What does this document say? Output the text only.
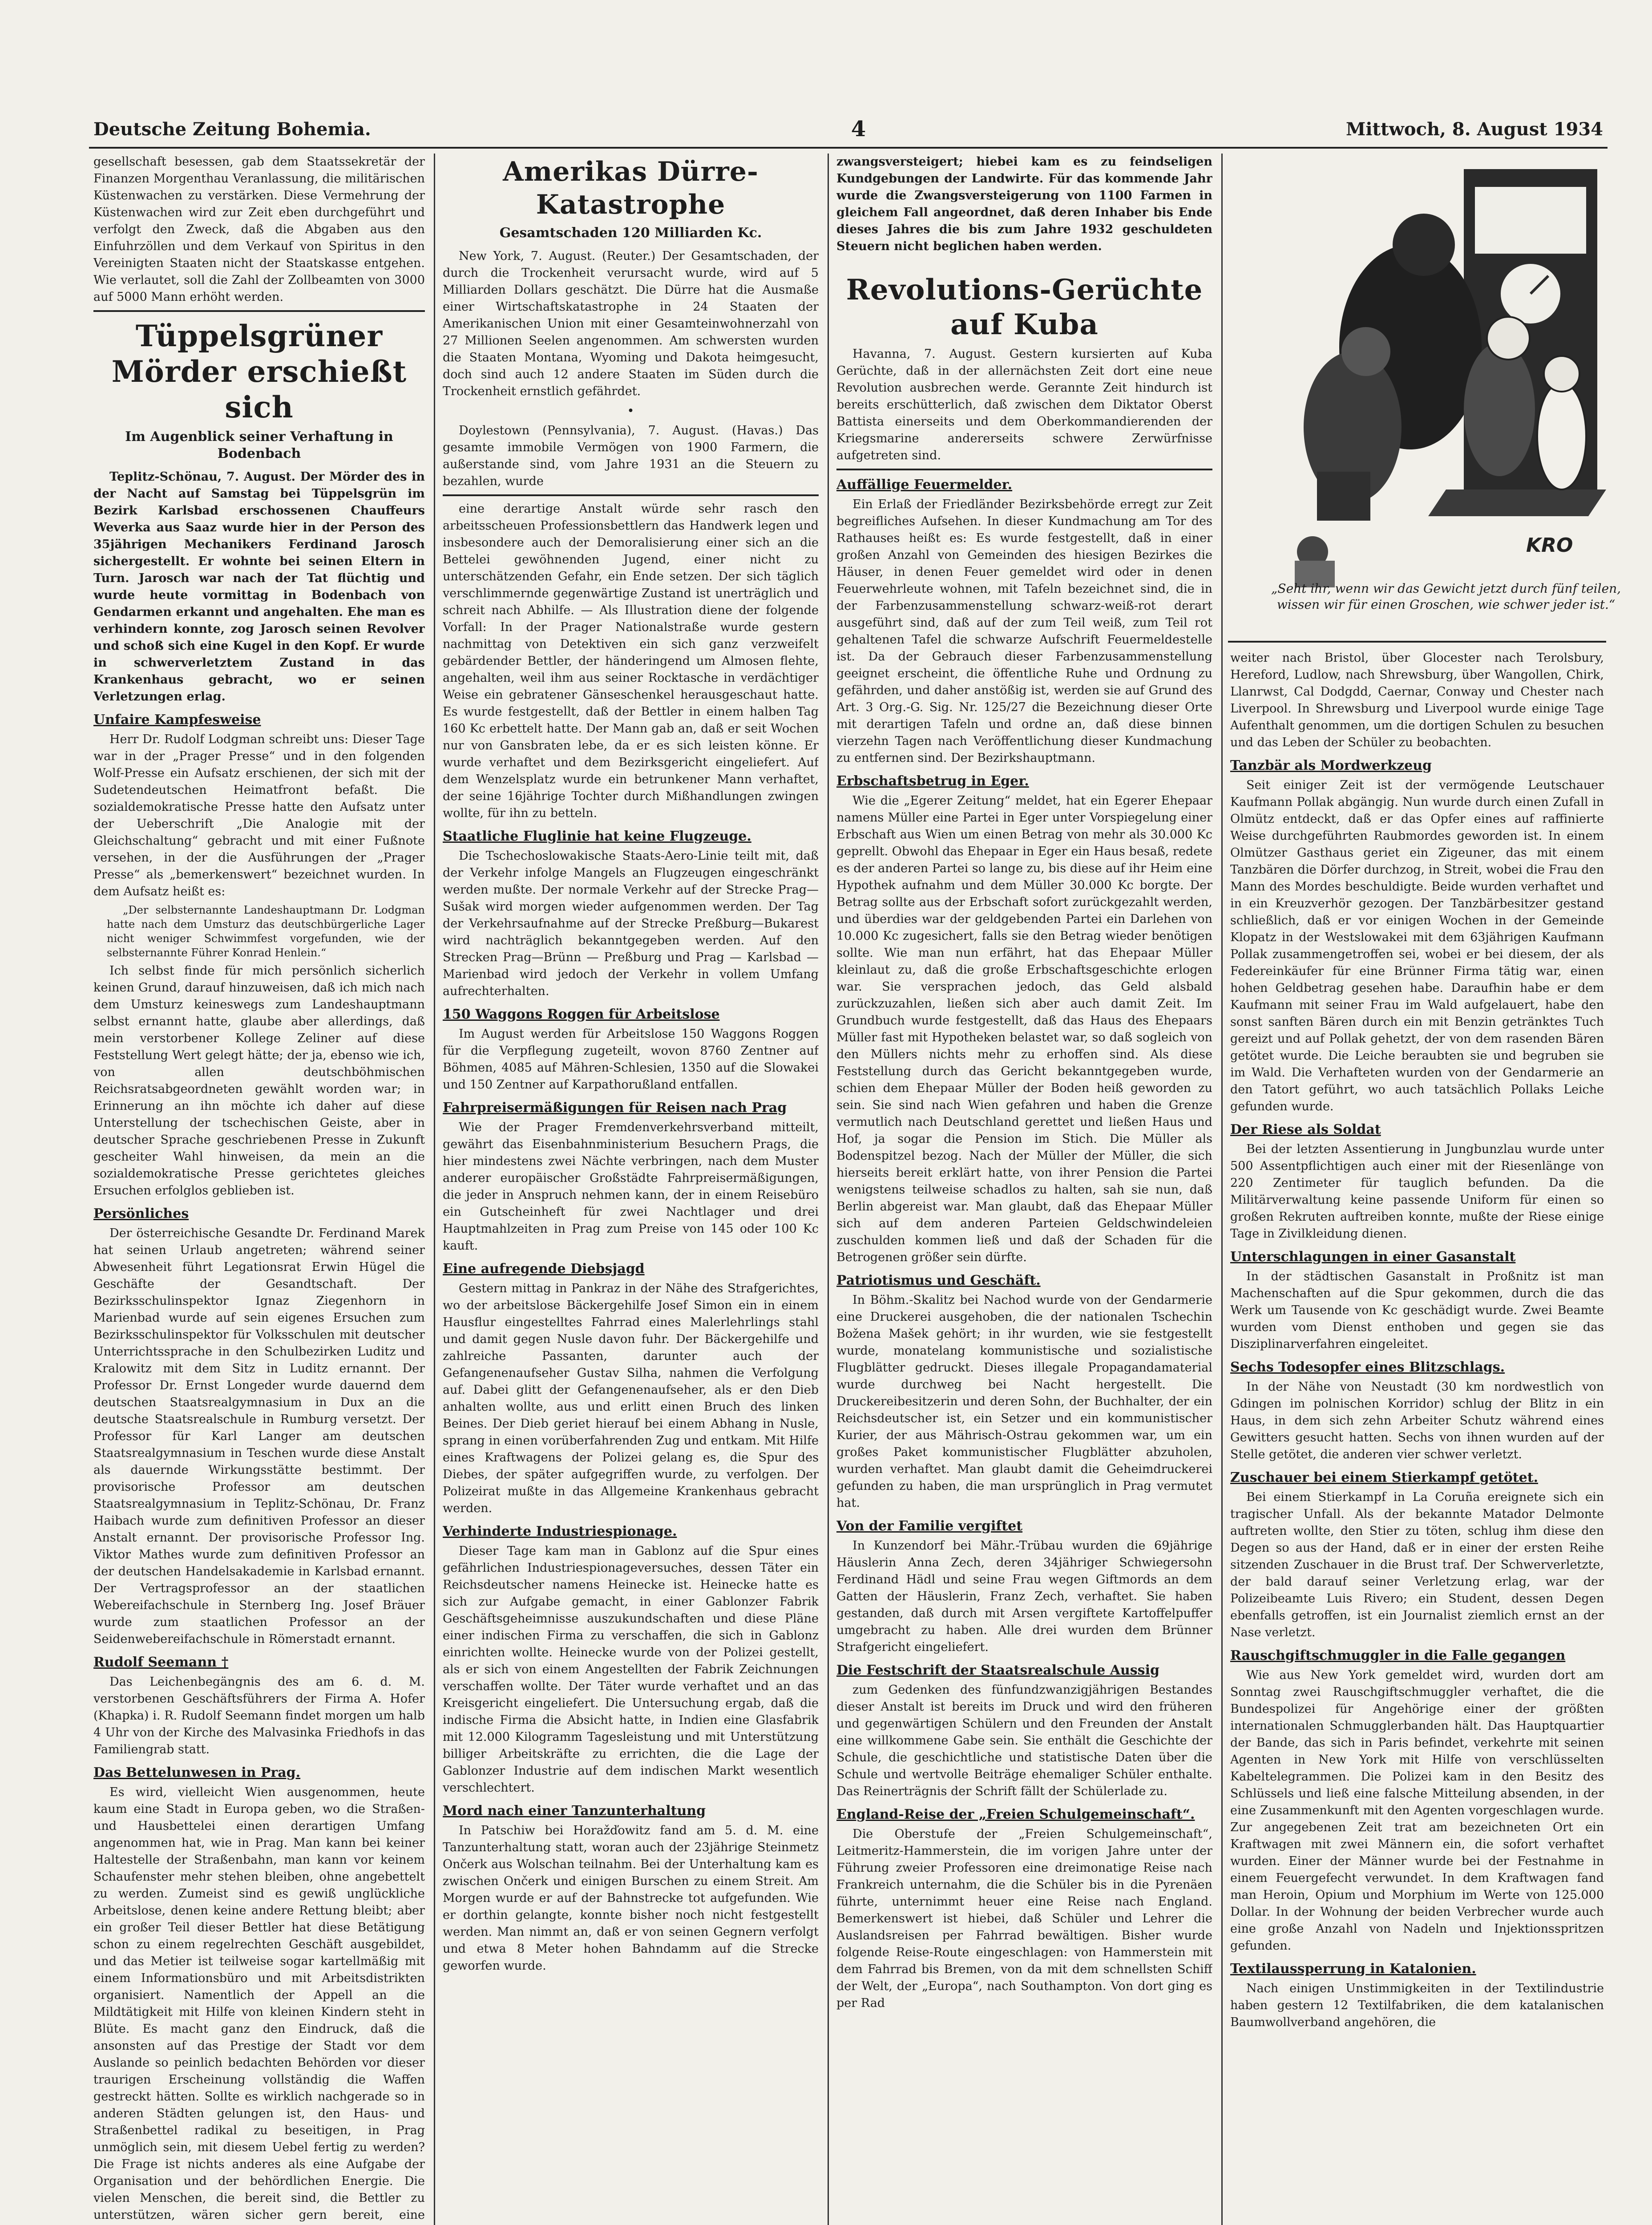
Deutsche Zeitung Bohemia.	4	Mittwoch, 8. August 1934

gesellschaft besessen, gab dem Staatssekretär der Finanzen Morgenthau Veranlassung, die militärischen Küstenwachen zu verstärken. Diese Vermehrung der Küstenwachen wird zur Zeit eben durchgeführt und verfolgt den Zweck, daß die Abgaben aus den Einfuhrzöllen und dem Verkauf von Spiritus in den Vereinigten Staaten nicht der Staatskasse entgehen. Wie verlautet, soll die Zahl der Zollbeamten von 3000 auf 5000 Mann erhöht werden.

Tüppelsgrüner Mörder erschießt sich
Im Augenblick seiner Verhaftung in Bodenbach

Teplitz-Schönau, 7. August. Der Mörder des in der Nacht auf Samstag bei Tüppelsgrün im Bezirk Karlsbad erschossenen Chauffeurs Weverka aus Saaz wurde hier in der Person des 35jährigen Mechanikers Ferdinand Jarosch sichergestellt. Er wohnte bei seinen Eltern in Turn. Jarosch war nach der Tat flüchtig und wurde heute vormittag in Bodenbach von Gendarmen erkannt und angehalten. Ehe man es verhindern konnte, zog Jarosch seinen Revolver und schoß sich eine Kugel in den Kopf. Er wurde in schwerverletztem Zustand in das Krankenhaus gebracht, wo er seinen Verletzungen erlag.

Unfaire Kampfesweise

Herr Dr. Rudolf Lodgman schreibt uns: Dieser Tage war in der „Prager Presse“ und in den folgenden Wolf-Presse ein Aufsatz erschienen, der sich mit der Sudetendeutschen Heimatfront befaßt. Die sozialdemokratische Presse hatte den Aufsatz unter der Ueberschrift „Die Analogie mit der Gleichschaltung“ gebracht und mit einer Fußnote versehen, in der die Ausführungen der „Prager Presse“ als „bemerkenswert“ bezeichnet wurden. In dem Aufsatz heißt es:

„Der selbsternannte Landeshauptmann Dr. Lodgman hatte nach dem Umsturz das deutschbürgerliche Lager nicht weniger Schwimmfest vorgefunden, wie der selbsternannte Führer Konrad Henlein.“

Ich selbst finde für mich persönlich sicherlich keinen Grund, darauf hinzuweisen, daß ich mich nach dem Umsturz keineswegs zum Landeshauptmann selbst ernannt hatte, glaube aber allerdings, daß mein verstorbener Kollege Zeliner auf diese Feststellung Wert gelegt hätte; der ja, ebenso wie ich, von allen deutschböhmischen Reichsratsabgeordneten gewählt worden war; in Erinnerung an ihn möchte ich daher auf diese Unterstellung der tschechischen Geiste, aber in deutscher Sprache geschriebenen Presse in Zukunft gescheiter Wahl hinweisen, da mein an die sozialdemokratische Presse gerichtetes gleiches Ersuchen erfolglos geblieben ist.

Persönliches

Der österreichische Gesandte Dr. Ferdinand Marek hat seinen Urlaub angetreten; während seiner Abwesenheit führt Legationsrat Erwin Hügel die Geschäfte der Gesandtschaft. Der Bezirksschulinspektor Ignaz Ziegenhorn in Marienbad wurde auf sein eigenes Ersuchen zum Bezirksschulinspektor für Volksschulen mit deutscher Unterrichtssprache in den Schulbezirken Luditz und Kralowitz mit dem Sitz in Luditz ernannt. Der Professor Dr. Ernst Longeder wurde dauernd dem deutschen Staatsrealgymnasium in Dux an die deutsche Staatsrealschule in Rumburg versetzt. Der Professor für Karl Langer am deutschen Staatsrealgymnasium in Teschen wurde diese Anstalt als dauernde Wirkungsstätte bestimmt. Der provisorische Professor am deutschen Staatsrealgymnasium in Teplitz-Schönau, Dr. Franz Haibach wurde zum definitiven Professor an dieser Anstalt ernannt. Der provisorische Professor Ing. Viktor Mathes wurde zum definitiven Professor an der deutschen Handelsakademie in Karlsbad ernannt. Der Vertragsprofessor an der staatlichen Webereifachschule in Sternberg Ing. Josef Bräuer wurde zum staatlichen Professor an der Seidenwebereifachschule in Römerstadt ernannt.

Rudolf Seemann †

Das Leichenbegängnis des am 6. d. M. verstorbenen Geschäftsführers der Firma A. Hofer (Khapka) i. R. Rudolf Seemann findet morgen um halb 4 Uhr von der Kirche des Malvasinka Friedhofs in das Familiengrab statt.

Das Bettelunwesen in Prag.

Es wird, vielleicht Wien ausgenommen, heute kaum eine Stadt in Europa geben, wo die Straßen- und Hausbettelei einen derartigen Umfang angenommen hat, wie in Prag. Man kann bei keiner Haltestelle der Straßenbahn, man kann vor keinem Schaufenster mehr stehen bleiben, ohne angebettelt zu werden. Zumeist sind es gewiß unglückliche Arbeitslose, denen keine andere Rettung bleibt; aber ein großer Teil dieser Bettler hat diese Betätigung schon zu einem regelrechten Geschäft ausgebildet, und das Metier ist teilweise sogar kartellmäßig mit einem Informationsbüro und mit Arbeitsdistrikten organisiert. Namentlich der Appell an die Mildtätigkeit mit Hilfe von kleinen Kindern steht in Blüte. Es macht ganz den Eindruck, daß die ansonsten auf das Prestige der Stadt vor dem Auslande so peinlich bedachten Behörden vor dieser traurigen Erscheinung vollständig die Waffen gestreckt hätten. Sollte es wirklich nachgerade so in anderen Städten gelungen ist, den Haus- und Straßenbettel radikal zu beseitigen, in Prag unmöglich sein, mit diesem Uebel fertig zu werden? Die Frage ist nichts anderes als eine Aufgabe der Organisation und der behördlichen Energie. Die vielen Menschen, die bereit sind, die Bettler zu unterstützen, wären sicher gern bereit, eine

Amerikas Dürre-Katastrophe
Gesamtschaden 120 Milliarden Kc.

New York, 7. August. (Reuter.) Der Gesamtschaden, der durch die Trockenheit verursacht wurde, wird auf 5 Milliarden Dollars geschätzt. Die Dürre hat die Ausmaße einer Wirtschaftskatastrophe in 24 Staaten der Amerikanischen Union mit einer Gesamteinwohnerzahl von 27 Millionen Seelen angenommen. Am schwersten wurden die Staaten Montana, Wyoming und Dakota heimgesucht, doch sind auch 12 andere Staaten im Süden durch die Trockenheit ernstlich gefährdet.

•

Doylestown (Pennsylvania), 7. August. (Havas.) Das gesamte immobile Vermögen von 1900 Farmern, die außerstande sind, vom Jahre 1931 an die Steuern zu bezahlen, wurde

eine derartige Anstalt würde sehr rasch den arbeitsscheuen Professionsbettlern das Handwerk legen und insbesondere auch der Demoralisierung einer sich an die Bettelei gewöhnenden Jugend, einer nicht zu unterschätzenden Gefahr, ein Ende setzen. Der sich täglich verschlimmernde gegenwärtige Zustand ist unerträglich und schreit nach Abhilfe. — Als Illustration diene der folgende Vorfall: In der Prager Nationalstraße wurde gestern nachmittag von Detektiven ein sich ganz verzweifelt gebärdender Bettler, der händeringend um Almosen flehte, angehalten, weil ihm aus seiner Rocktasche in verdächtiger Weise ein gebratener Gänseschenkel herausgeschaut hatte. Es wurde festgestellt, daß der Bettler in einem halben Tag 160 Kc erbettelt hatte. Der Mann gab an, daß er seit Wochen nur von Gansbraten lebe, da er es sich leisten könne. Er wurde verhaftet und dem Bezirksgericht eingeliefert. Auf dem Wenzelsplatz wurde ein betrunkener Mann verhaftet, der seine 16jährige Tochter durch Mißhandlungen zwingen wollte, für ihn zu betteln.

Staatliche Fluglinie hat keine Flugzeuge.

Die Tschechoslowakische Staats-Aero-Linie teilt mit, daß der Verkehr infolge Mangels an Flugzeugen eingeschränkt werden mußte. Der normale Verkehr auf der Strecke Prag—Sušak wird morgen wieder aufgenommen werden. Der Tag der Verkehrsaufnahme auf der Strecke Preßburg—Bukarest wird nachträglich bekanntgegeben werden. Auf den Strecken Prag—Brünn — Preßburg und Prag — Karlsbad — Marienbad wird jedoch der Verkehr in vollem Umfang aufrechterhalten.

150 Waggons Roggen für Arbeitslose

Im August werden für Arbeitslose 150 Waggons Roggen für die Verpflegung zugeteilt, wovon 8760 Zentner auf Böhmen, 4085 auf Mähren-Schlesien, 1350 auf die Slowakei und 150 Zentner auf Karpathorußland entfallen.

Fahrpreisermäßigungen für Reisen nach Prag

Wie der Prager Fremdenverkehrsverband mitteilt, gewährt das Eisenbahnministerium Besuchern Prags, die hier mindestens zwei Nächte verbringen, nach dem Muster anderer europäischer Großstädte Fahrpreisermäßigungen, die jeder in Anspruch nehmen kann, der in einem Reisebüro ein Gutscheinheft für zwei Nachtlager und drei Hauptmahlzeiten in Prag zum Preise von 145 oder 100 Kc kauft.

Eine aufregende Diebsjagd

Gestern mittag in Pankraz in der Nähe des Strafgerichtes, wo der arbeitslose Bäckergehilfe Josef Simon ein in einem Hausflur eingestelltes Fahrrad eines Malerlehrlings stahl und damit gegen Nusle davon fuhr. Der Bäckergehilfe und zahlreiche Passanten, darunter auch der Gefangenenaufseher Gustav Silha, nahmen die Verfolgung auf. Dabei glitt der Gefangenenaufseher, als er den Dieb anhalten wollte, aus und erlitt einen Bruch des linken Beines. Der Dieb geriet hierauf bei einem Abhang in Nusle, sprang in einen vorüberfahrenden Zug und entkam. Mit Hilfe eines Kraftwagens der Polizei gelang es, die Spur des Diebes, der später aufgegriffen wurde, zu verfolgen. Der Polizeirat mußte in das Allgemeine Krankenhaus gebracht werden.

Verhinderte Industriespionage.

Dieser Tage kam man in Gablonz auf die Spur eines gefährlichen Industriespionageversuches, dessen Täter ein Reichsdeutscher namens Heinecke ist. Heinecke hatte es sich zur Aufgabe gemacht, in einer Gablonzer Fabrik Geschäftsgeheimnisse auszukundschaften und diese Pläne einer indischen Firma zu verschaffen, die sich in Gablonz einrichten wollte. Heinecke wurde von der Polizei gestellt, als er sich von einem Angestellten der Fabrik Zeichnungen verschaffen wollte. Der Täter wurde verhaftet und an das Kreisgericht eingeliefert. Die Untersuchung ergab, daß die indische Firma die Absicht hatte, in Indien eine Glasfabrik mit 12.000 Kilogramm Tagesleistung und mit Unterstützung billiger Arbeitskräfte zu errichten, die die Lage der Gablonzer Industrie auf dem indischen Markt wesentlich verschlechtert.

Mord nach einer Tanzunterhaltung

In Patschiw bei Horažďowitz fand am 5. d. M. eine Tanzunterhaltung statt, woran auch der 23jährige Steinmetz Ončerk aus Wolschan teilnahm. Bei der Unterhaltung kam es zwischen Ončerk und einigen Burschen zu einem Streit. Am Morgen wurde er auf der Bahnstrecke tot aufgefunden. Wie er dorthin gelangte, konnte bisher noch nicht festgestellt werden. Man nimmt an, daß er von seinen Gegnern verfolgt und etwa 8 Meter hohen Bahndamm auf die Strecke geworfen wurde.

zwangsversteigert; hiebei kam es zu feindseligen Kundgebungen der Landwirte. Für das kommende Jahr wurde die Zwangsversteigerung von 1100 Farmen in gleichem Fall angeordnet, daß deren Inhaber bis Ende dieses Jahres die bis zum Jahre 1932 geschuldeten Steuern nicht beglichen haben werden.

Revolutions-Gerüchte auf Kuba

Havanna, 7. August. Gestern kursierten auf Kuba Gerüchte, daß in der allernächsten Zeit dort eine neue Revolution ausbrechen werde. Gerannte Zeit hindurch ist bereits erschütterlich, daß zwischen dem Diktator Oberst Battista einerseits und dem Oberkommandierenden der Kriegsmarine andererseits schwere Zerwürfnisse aufgetreten sind.

Auffällige Feuermelder.

Ein Erlaß der Friedländer Bezirksbehörde erregt zur Zeit begreifliches Aufsehen. In dieser Kundmachung am Tor des Rathauses heißt es: Es wurde festgestellt, daß in einer großen Anzahl von Gemeinden des hiesigen Bezirkes die Häuser, in denen Feuer gemeldet wird oder in denen Feuerwehrleute wohnen, mit Tafeln bezeichnet sind, die in der Farbenzusammenstellung schwarz-weiß-rot derart ausgeführt sind, daß auf der zum Teil weiß, zum Teil rot gehaltenen Tafel die schwarze Aufschrift Feuermeldestelle ist. Da der Gebrauch dieser Farbenzusammenstellung geeignet erscheint, die öffentliche Ruhe und Ordnung zu gefährden, und daher anstößig ist, werden sie auf Grund des Art. 3 Org.-G. Sig. Nr. 125/27 die Bezeichnung dieser Orte mit derartigen Tafeln und ordne an, daß diese binnen vierzehn Tagen nach Veröffentlichung dieser Kundmachung zu entfernen sind. Der Bezirkshauptmann.

Erbschaftsbetrug in Eger.

Wie die „Egerer Zeitung“ meldet, hat ein Egerer Ehepaar namens Müller eine Partei in Eger unter Vorspiegelung einer Erbschaft aus Wien um einen Betrag von mehr als 30.000 Kc geprellt. Obwohl das Ehepaar in Eger ein Haus besaß, redete es der anderen Partei so lange zu, bis diese auf ihr Heim eine Hypothek aufnahm und dem Müller 30.000 Kc borgte. Der Betrag sollte aus der Erbschaft sofort zurückgezahlt werden, und überdies war der geldgebenden Partei ein Darlehen von 10.000 Kc zugesichert, falls sie den Betrag wieder benötigen sollte. Wie man nun erfährt, hat das Ehepaar Müller kleinlaut zu, daß die große Erbschaftsgeschichte erlogen war. Sie versprachen jedoch, das Geld alsbald zurückzuzahlen, ließen sich aber auch damit Zeit. Im Grundbuch wurde festgestellt, daß das Haus des Ehepaars Müller fast mit Hypotheken belastet war, so daß sogleich von den Müllers nichts mehr zu erhoffen sind. Als diese Feststellung durch das Gericht bekanntgegeben wurde, schien dem Ehepaar Müller der Boden heiß geworden zu sein. Sie sind nach Wien gefahren und haben die Grenze vermutlich nach Deutschland gerettet und ließen Haus und Hof, ja sogar die Pension im Stich. Die Müller als Bodenspitzel bezog. Nach der Müller der Müller, die sich hierseits bereit erklärt hatte, von ihrer Pension die Partei wenigstens teilweise schadlos zu halten, sah sie nun, daß Berlin abgereist war. Man glaubt, daß das Ehepaar Müller sich auf dem anderen Parteien Geldschwindeleien zuschulden kommen ließ und daß der Schaden für die Betrogenen größer sein dürfte.

Patriotismus und Geschäft.

In Böhm.-Skalitz bei Nachod wurde von der Gendarmerie eine Druckerei ausgehoben, die der nationalen Tschechin Božena Mašek gehört; in ihr wurden, wie sie festgestellt wurde, monatelang kommunistische und sozialistische Flugblätter gedruckt. Dieses illegale Propagandamaterial wurde durchweg bei Nacht hergestellt. Die Druckereibesitzerin und deren Sohn, der Buchhalter, der ein Reichsdeutscher ist, ein Setzer und ein kommunistischer Kurier, der aus Mährisch-Ostrau gekommen war, um ein großes Paket kommunistischer Flugblätter abzuholen, wurden verhaftet. Man glaubt damit die Geheimdruckerei gefunden zu haben, die man ursprünglich in Prag vermutet hat.

Von der Familie vergiftet

In Kunzendorf bei Mähr.-Trübau wurden die 69jährige Häuslerin Anna Zech, deren 34jähriger Schwiegersohn Ferdinand Hädl und seine Frau wegen Giftmords an dem Gatten der Häuslerin, Franz Zech, verhaftet. Sie haben gestanden, daß durch mit Arsen vergiftete Kartoffelpuffer umgebracht zu haben. Alle drei wurden dem Brünner Strafgericht eingeliefert.

Die Festschrift der Staatsrealschule Aussig

zum Gedenken des fünfundzwanzigjährigen Bestandes dieser Anstalt ist bereits im Druck und wird den früheren und gegenwärtigen Schülern und den Freunden der Anstalt eine willkommene Gabe sein. Sie enthält die Geschichte der Schule, die geschichtliche und statistische Daten über die Schule und wertvolle Beiträge ehemaliger Schüler enthalte. Das Reinerträgnis der Schrift fällt der Schülerlade zu.

England-Reise der „Freien Schulgemeinschaft“.

Die Oberstufe der „Freien Schulgemeinschaft“, Leitmeritz-Hammerstein, die im vorigen Jahre unter der Führung zweier Professoren eine dreimonatige Reise nach Frankreich unternahm, die die Schüler bis in die Pyrenäen führte, unternimmt heuer eine Reise nach England. Bemerkenswert ist hiebei, daß Schüler und Lehrer die Auslandsreisen per Fahrrad bewältigen. Bisher wurde folgende Reise-Route eingeschlagen: von Hammerstein mit dem Fahrrad bis Bremen, von da mit dem schnellsten Schiff der Welt, der „Europa“, nach Southampton. Von dort ging es per Rad

KRO
„Seht ihr, wenn wir das Gewicht jetzt durch fünf teilen, wissen wir für einen Groschen, wie schwer jeder ist.“

weiter nach Bristol, über Glocester nach Terolsbury, Hereford, Ludlow, nach Shrewsburg, über Wangollen, Chirk, Llanrwst, Cal Dodgdd, Caernar, Conway und Chester nach Liverpool. In Shrewsburg und Liverpool wurde einige Tage Aufenthalt genommen, um die dortigen Schulen zu besuchen und das Leben der Schüler zu beobachten.

Tanzbär als Mordwerkzeug

Seit einiger Zeit ist der vermögende Leutschauer Kaufmann Pollak abgängig. Nun wurde durch einen Zufall in Olmütz entdeckt, daß er das Opfer eines auf raffinierte Weise durchgeführten Raubmordes geworden ist. In einem Olmützer Gasthaus geriet ein Zigeuner, das mit einem Tanzbären die Dörfer durchzog, in Streit, wobei die Frau den Mann des Mordes beschuldigte. Beide wurden verhaftet und in ein Kreuzverhör gezogen. Der Tanzbärbesitzer gestand schließlich, daß er vor einigen Wochen in der Gemeinde Klopatz in der Westslowakei mit dem 63jährigen Kaufmann Pollak zusammengetroffen sei, wobei er bei diesem, der als Federeinkäufer für eine Brünner Firma tätig war, einen hohen Geldbetrag gesehen habe. Daraufhin habe er dem Kaufmann mit seiner Frau im Wald aufgelauert, habe den sonst sanften Bären durch ein mit Benzin getränktes Tuch gereizt und auf Pollak gehetzt, der von dem rasenden Bären getötet wurde. Die Leiche beraubten sie und begruben sie im Wald. Die Verhafteten wurden von der Gendarmerie an den Tatort geführt, wo auch tatsächlich Pollaks Leiche gefunden wurde.

Der Riese als Soldat

Bei der letzten Assentierung in Jungbunzlau wurde unter 500 Assentpflichtigen auch einer mit der Riesenlänge von 220 Zentimeter für tauglich befunden. Da die Militärverwaltung keine passende Uniform für einen so großen Rekruten auftreiben konnte, mußte der Riese einige Tage in Zivilkleidung dienen.

Unterschlagungen in einer Gasanstalt

In der städtischen Gasanstalt in Proßnitz ist man Machenschaften auf die Spur gekommen, durch die das Werk um Tausende von Kc geschädigt wurde. Zwei Beamte wurden vom Dienst enthoben und gegen sie das Disziplinarverfahren eingeleitet.

Sechs Todesopfer eines Blitzschlags.

In der Nähe von Neustadt (30 km nordwestlich von Gdingen im polnischen Korridor) schlug der Blitz in ein Haus, in dem sich zehn Arbeiter Schutz während eines Gewitters gesucht hatten. Sechs von ihnen wurden auf der Stelle getötet, die anderen vier schwer verletzt.

Zuschauer bei einem Stierkampf getötet.

Bei einem Stierkampf in La Coruña ereignete sich ein tragischer Unfall. Als der bekannte Matador Delmonte auftreten wollte, den Stier zu töten, schlug ihm diese den Degen so aus der Hand, daß er in einer der ersten Reihe sitzenden Zuschauer in die Brust traf. Der Schwerverletzte, der bald darauf seiner Verletzung erlag, war der Polizeibeamte Luis Rivero; ein Student, dessen Degen ebenfalls getroffen, ist ein Journalist ziemlich ernst an der Nase verletzt.

Rauschgiftschmuggler in die Falle gegangen

Wie aus New York gemeldet wird, wurden dort am Sonntag zwei Rauschgiftschmuggler verhaftet, die die Bundespolizei für Angehörige einer der größten internationalen Schmugglerbanden hält. Das Hauptquartier der Bande, das sich in Paris befindet, verkehrte mit seinen Agenten in New York mit Hilfe von verschlüsselten Kabeltelegrammen. Die Polizei kam in den Besitz des Schlüssels und ließ eine falsche Mitteilung absenden, in der eine Zusammenkunft mit den Agenten vorgeschlagen wurde. Zur angegebenen Zeit trat am bezeichneten Ort ein Kraftwagen mit zwei Männern ein, die sofort verhaftet wurden. Einer der Männer wurde bei der Festnahme in einem Feuergefecht verwundet. In dem Kraftwagen fand man Heroin, Opium und Morphium im Werte von 125.000 Dollar. In der Wohnung der beiden Verbrecher wurde auch eine große Anzahl von Nadeln und Injektionsspritzen gefunden.

Textilaussperrung in Katalonien.

Nach einigen Unstimmigkeiten in der Textilindustrie haben gestern 12 Textilfabriken, die dem katalanischen Baumwollverband angehören, die
